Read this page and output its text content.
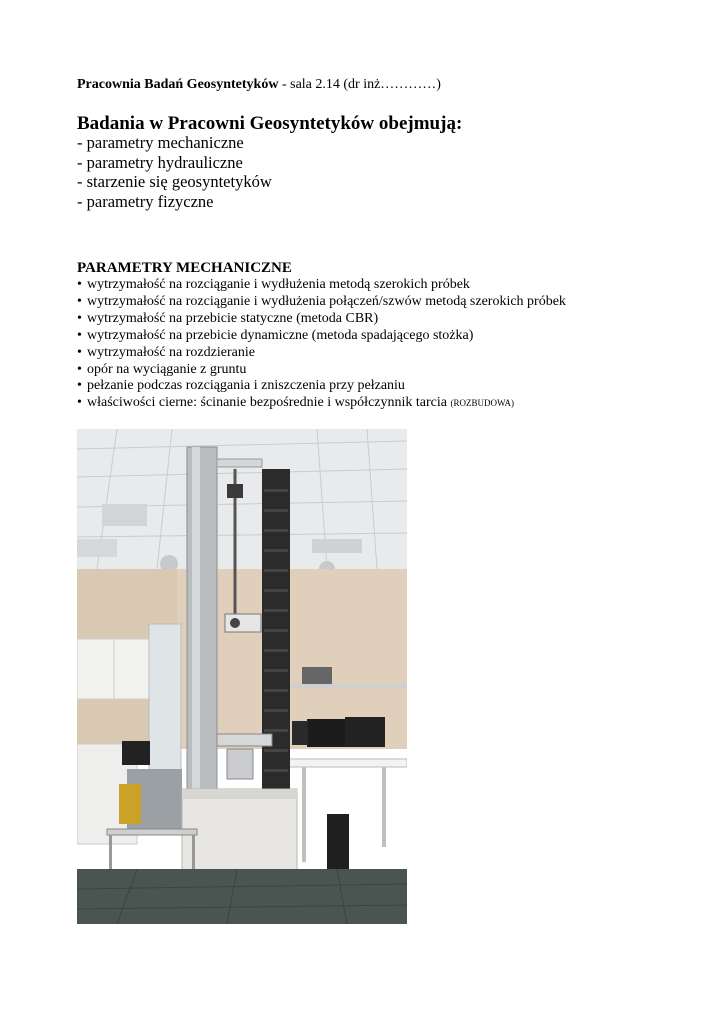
Pracownia Badań Geosyntetyków - sala 2.14 (dr inż…………)
Badania w Pracowni Geosyntetyków obejmują:
- parametry mechaniczne
- parametry hydrauliczne
- starzenie się geosyntetyków
- parametry fizyczne
PARAMETRY MECHANICZNE
• wytrzymałość na rozciąganie i wydłużenia metodą szerokich próbek
• wytrzymałość na rozciąganie i wydłużenia połączeń/szwów metodą szerokich próbek
• wytrzymałość na przebicie statyczne (metoda CBR)
• wytrzymałość na przebicie dynamiczne (metoda spadającego stożka)
• wytrzymałość na rozdzieranie
• opór na wyciąganie z gruntu
• pełzanie podczas rozciągania i zniszczenia przy pełzaniu
• właściwości cierne: ścinanie bezpośrednie i współczynnik tarcia (ROZBUDOWA)
